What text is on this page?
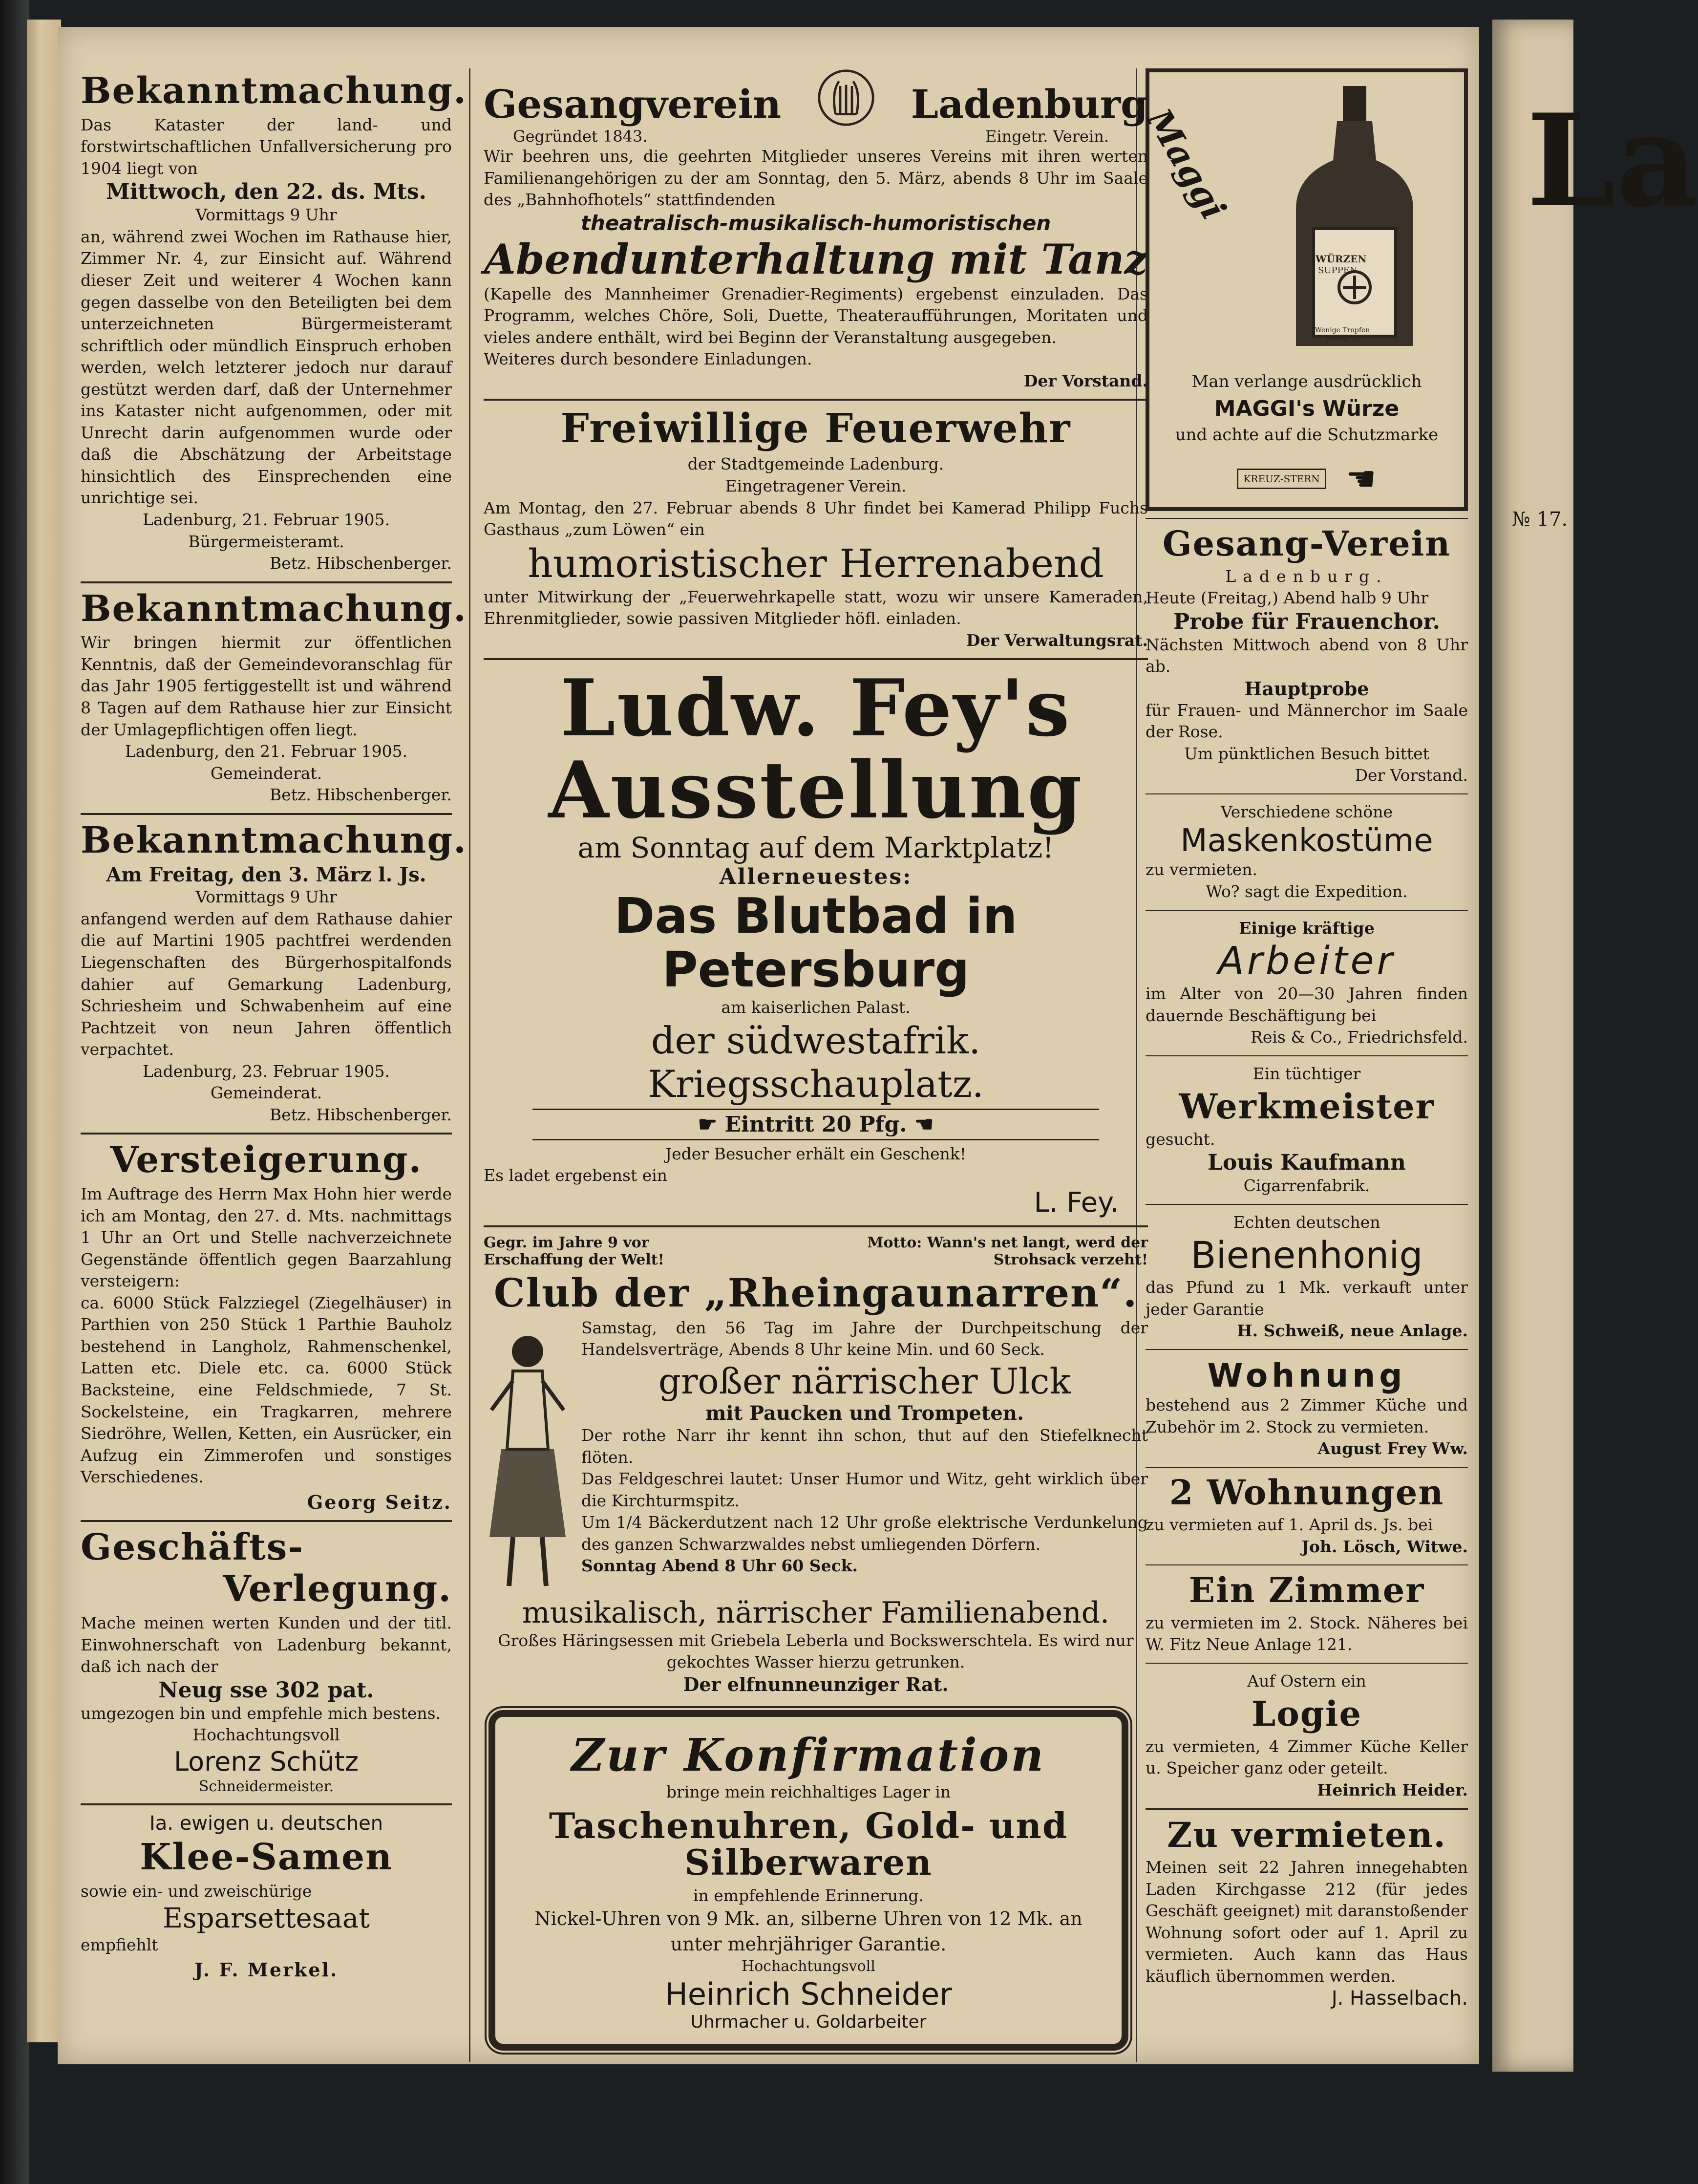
Bekanntmachung.
Das Kataster der land- und forstwirtschaftlichen Unfallversicherung pro 1904 liegt von
Mittwoch, den 22. ds. Mts.
Vormittags 9 Uhr
an, während zwei Wochen im Rathause hier, Zimmer Nr. 4, zur Einsicht auf. Während dieser Zeit und weiterer 4 Wochen kann gegen dasselbe von den Beteiligten bei dem unterzeichneten Bürgermeisteramt schriftlich oder mündlich Einspruch erhoben werden, welch letzterer jedoch nur darauf gestützt werden darf, daß der Unternehmer ins Kataster nicht aufgenommen, oder mit Unrecht darin aufgenommen wurde oder daß die Abschätzung der Arbeitstage hinsichtlich des Einsprechenden eine unrichtige sei.
Ladenburg, 21. Februar 1905.
Bürgermeisteramt.
Betz. Hibschenberger.
Bekanntmachung.
Wir bringen hiermit zur öffentlichen Kenntnis, daß der Gemeindevoranschlag für das Jahr 1905 fertiggestellt ist und während 8 Tagen auf dem Rathause hier zur Einsicht der Umlagepflichtigen offen liegt.
Ladenburg, den 21. Februar 1905.
Gemeinderat.
Betz. Hibschenberger.
Bekanntmachung.
Am Freitag, den 3. März l. Js.
Vormittags 9 Uhr
anfangend werden auf dem Rathause dahier die auf Martini 1905 pachtfrei werdenden Liegenschaften des Bürgerhospitalfonds dahier auf Gemarkung Ladenburg, Schriesheim und Schwabenheim auf eine Pachtzeit von neun Jahren öffentlich verpachtet.
Ladenburg, 23. Februar 1905.
Gemeinderat.
Betz. Hibschenberger.
Versteigerung.
Im Auftrage des Herrn Max Hohn hier werde ich am Montag, den 27. d. Mts. nachmittags 1 Uhr an Ort und Stelle nachverzeichnete Gegenstände öffentlich gegen Baarzahlung versteigern:
ca. 6000 Stück Falzziegel (Ziegelhäuser) in Parthien von 250 Stück 1 Parthie Bauholz bestehend in Langholz, Rahmenschenkel, Latten etc. Diele etc. ca. 6000 Stück Backsteine, eine Feldschmiede, 7 St. Sockelsteine, ein Tragkarren, mehrere Siedröhre, Wellen, Ketten, ein Ausrücker, ein Aufzug ein Zimmerofen und sonstiges Verschiedenes.
Georg Seitz.
Geschäfts-
Verlegung.
Mache meinen werten Kunden und der titl. Einwohnerschaft von Ladenburg bekannt, daß ich nach der
Neug sse 302 pat.
umgezogen bin und empfehle mich bestens.
Hochachtungsvoll
Lorenz Schütz
Schneidermeister.
Ia. ewigen u. deutschen
Klee-Samen
sowie ein- und zweischürige
Esparsettesaat
empfiehlt
J. F. Merkel.
Gesangverein	Ladenburg
Gegründet 1843.	Eingetr. Verein.
Wir beehren uns, die geehrten Mitglieder unseres Vereins mit ihren werten Familienangehörigen zu der am Sonntag, den 5. März, abends 8 Uhr im Saale des „Bahnhofhotels“ stattfindenden
theatralisch-musikalisch-humoristischen
Abendunterhaltung mit Tanz
(Kapelle des Mannheimer Grenadier-Regiments) ergebenst einzuladen. Das Programm, welches Chöre, Soli, Duette, Theateraufführungen, Moritaten und vieles andere enthält, wird bei Beginn der Veranstaltung ausgegeben.
Weiteres durch besondere Einladungen.
Der Vorstand.
Freiwillige Feuerwehr
der Stadtgemeinde Ladenburg.
Eingetragener Verein.
Am Montag, den 27. Februar abends 8 Uhr findet bei Kamerad Philipp Fuchs Gasthaus „zum Löwen“ ein
humoristischer Herrenabend
unter Mitwirkung der „Feuerwehrkapelle statt, wozu wir unsere Kameraden, Ehrenmitglieder, sowie passiven Mitglieder höfl. einladen.
Der Verwaltungsrat.
Ludw. Fey's Ausstellung
am Sonntag auf dem Marktplatz!
Allerneuestes:
Das Blutbad in Petersburg
am kaiserlichen Palast.
der südwestafrik. Kriegsschauplatz.
☛ Eintritt 20 Pfg. ☚
Jeder Besucher erhält ein Geschenk!
Es ladet ergebenst ein
L. Fey.
Gegr. im Jahre 9 vor Erschaffung der Welt!
Motto: Wann's net langt, werd der Strohsack verzeht!
Club der „Rheingaunarren“.
Samstag, den 56 Tag im Jahre der Durchpeitschung der Handelsverträge, Abends 8 Uhr keine Min. und 60 Seck.
großer närrischer Ulck
mit Paucken und Trompeten.
Der rothe Narr ihr kennt ihn schon, thut auf den Stiefelknecht flöten.
Das Feldgeschrei lautet: Unser Humor und Witz, geht wirklich über die Kirchturmspitz.
Um 1/4 Bäckerdutzent nach 12 Uhr große elektrische Verdunkelung des ganzen Schwarzwaldes nebst umliegenden Dörfern.
Sonntag Abend 8 Uhr 60 Seck.
musikalisch, närrischer Familienabend.
Großes Häringsessen mit Griebela Leberla und Bockswerschtela. Es wird nur gekochtes Wasser hierzu getrunken.
Der elfnunneunziger Rat.
Zur Konfirmation
bringe mein reichhaltiges Lager in
Taschenuhren, Gold- und Silberwaren
in empfehlende Erinnerung.
Nickel-Uhren von 9 Mk. an, silberne Uhren von 12 Mk. an unter mehrjähriger Garantie.
Hochachtungsvoll
Heinrich Schneider
Uhrmacher u. Goldarbeiter
Maggi
WÜRZEN
SUPPEN
Wenige Tropfen genügen.
Man verlange ausdrücklich
MAGGI's Würze
und achte auf die Schutzmarke
KREUZ-STERN ☚
Gesang-Verein
Ladenburg.
Heute (Freitag,) Abend halb 9 Uhr
Probe für Frauenchor.
Nächsten Mittwoch abend von 8 Uhr ab.
Hauptprobe
für Frauen- und Männerchor im Saale der Rose.
Um pünktlichen Besuch bittet
Der Vorstand.
Verschiedene schöne
Maskenkostüme
zu vermieten.
Wo? sagt die Expedition.
Einige kräftige
Arbeiter
im Alter von 20—30 Jahren finden dauernde Beschäftigung bei
Reis & Co., Friedrichsfeld.
Ein tüchtiger
Werkmeister
gesucht.
Louis Kaufmann
Cigarrenfabrik.
Echten deutschen
Bienenhonig
das Pfund zu 1 Mk. verkauft unter jeder Garantie
H. Schweiß, neue Anlage.
Wohnung
bestehend aus 2 Zimmer Küche und Zubehör im 2. Stock zu vermieten.
August Frey Ww.
2 Wohnungen
zu vermieten auf 1. April ds. Js. bei
Joh. Lösch, Witwe.
Ein Zimmer
zu vermieten im 2. Stock. Näheres bei W. Fitz Neue Anlage 121.
Auf Ostern ein
Logie
zu vermieten, 4 Zimmer Küche Keller u. Speicher ganz oder geteilt.
Heinrich Heider.
Zu vermieten.
Meinen seit 22 Jahren innegehabten Laden Kirchgasse 212 (für jedes Geschäft geeignet) mit daranstoßender Wohnung sofort oder auf 1. April zu vermieten. Auch kann das Haus käuflich übernommen werden.
J. Hasselbach.
La
№ 17.
